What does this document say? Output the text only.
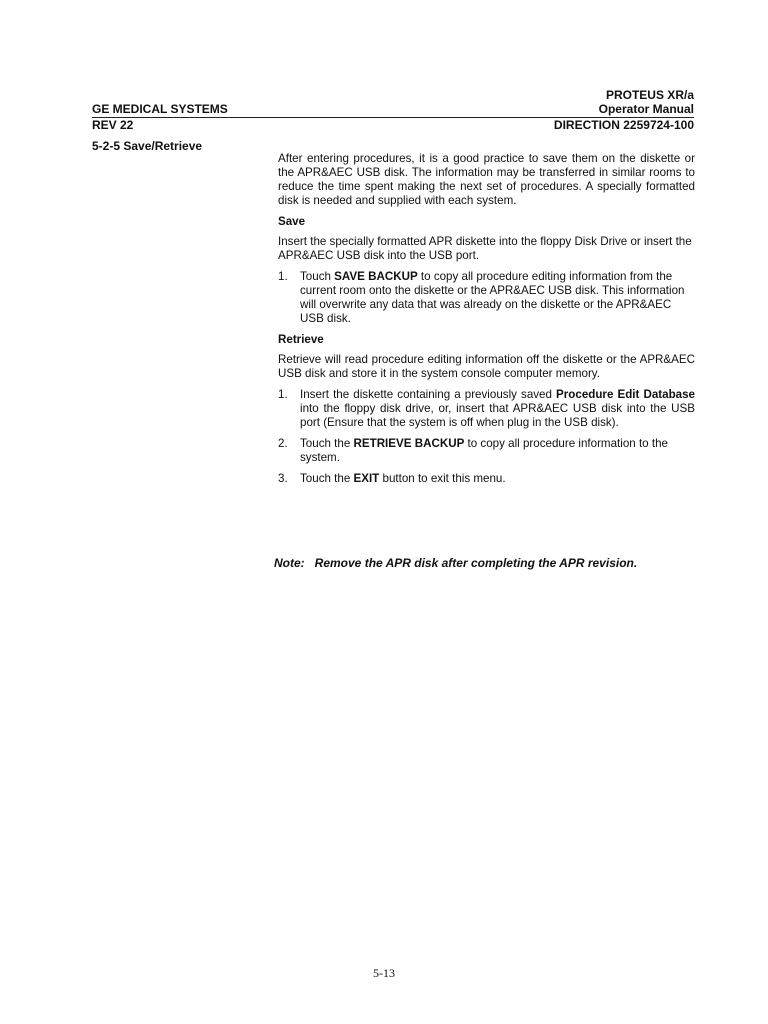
PROTEUS XR/a
GE MEDICAL SYSTEMS	Operator Manual
REV 22	DIRECTION 2259724-100
5-2-5 Save/Retrieve

After entering procedures, it is a good practice to save them on the diskette or the APR&AEC USB disk. The information may be transferred in similar rooms to reduce the time spent making the next set of procedures. A specially formatted disk is needed and supplied with each system.

Save

Insert the specially formatted APR diskette into the floppy Disk Drive or insert the APR&AEC USB disk into the USB port.

1.	Touch SAVE BACKUP to copy all procedure editing information from the current room onto the diskette or the APR&AEC USB disk. This information will overwrite any data that was already on the diskette or the APR&AEC USB disk.
Retrieve

Retrieve will read procedure editing information off the diskette or the APR&AEC USB disk and store it in the system console computer memory.

1.	Insert the diskette containing a previously saved Procedure Edit Database into the floppy disk drive, or, insert that APR&AEC USB disk into the USB port (Ensure that the system is off when plug in the USB disk).
2.	Touch the RETRIEVE BACKUP to copy all procedure information to the system.
3.	Touch the EXIT button to exit this menu.
Note: Remove the APR disk after completing the APR revision.
5-13
